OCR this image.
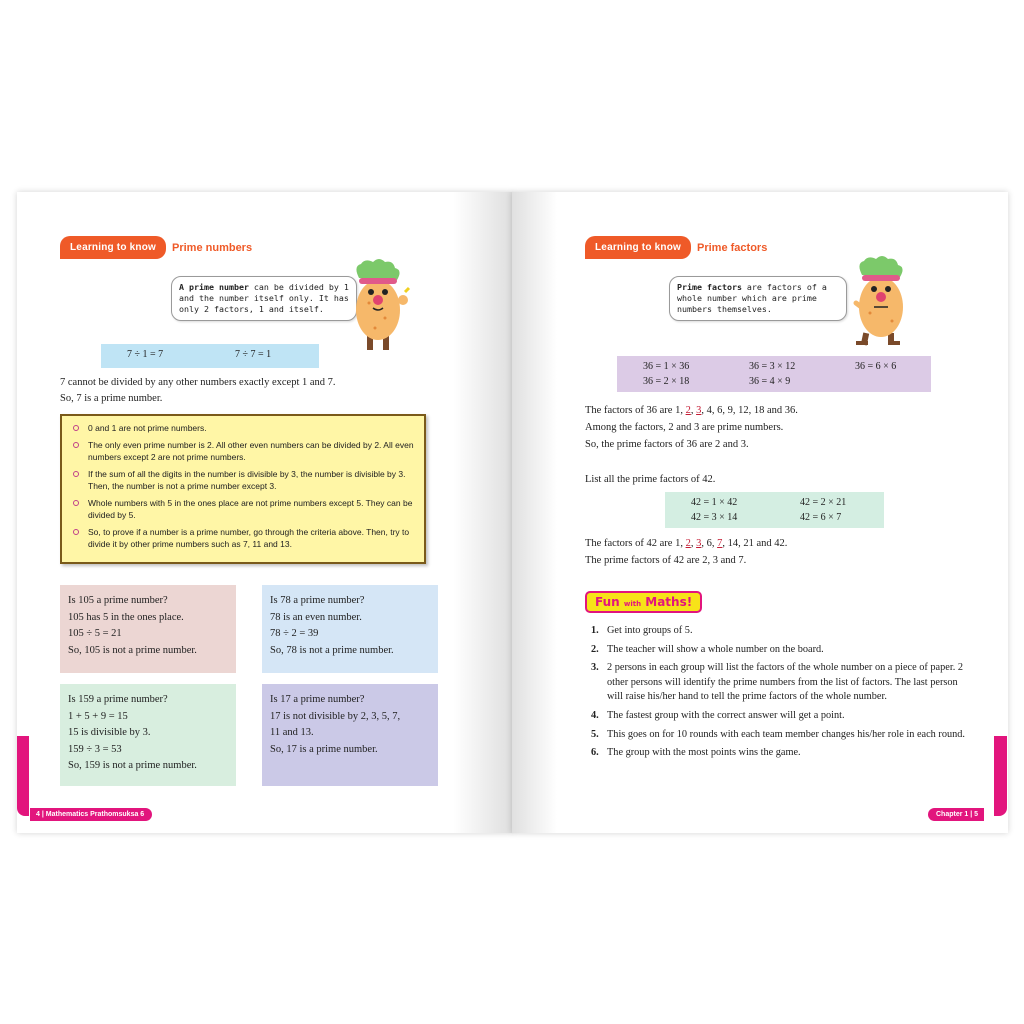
Learning to know	Prime numbers
A prime number can be divided by 1 and the number itself only. It has only 2 factors, 1 and itself.
7 ÷ 1 = 7	7 ÷ 7 = 1
7 cannot be divided by any other numbers exactly except 1 and 7.
So, 7 is a prime number.
0 and 1 are not prime numbers.
The only even prime number is 2. All other even numbers can be divided by 2. All even numbers except 2 are not prime numbers.
If the sum of all the digits in the number is divisible by 3, the number is divisible by 3. Then, the number is not a prime number except 3.
Whole numbers with 5 in the ones place are not prime numbers except 5. They can be divided by 5.
So, to prove if a number is a prime number, go through the criteria above. Then, try to divide it by other prime numbers such as 7, 11 and 13.
Is 105 a prime number?
105 has 5 in the ones place.
105 ÷ 5 = 21
So, 105 is not a prime number.
Is 78 a prime number?
78 is an even number.
78 ÷ 2 = 39
So, 78 is not a prime number.
Is 159 a prime number?
1 + 5 + 9 = 15
15 is divisible by 3.
159 ÷ 3 = 53
So, 159 is not a prime number.
Is 17 a prime number?
17 is not divisible by 2, 3, 5, 7,
11 and 13.
So, 17 is a prime number.
4 | Mathematics Prathomsuksa 6
Learning to know	Prime factors
Prime factors are factors of a whole number which are prime numbers themselves.
36 = 1 × 36	36 = 3 × 12	36 = 6 × 6
36 = 2 × 18	36 = 4 × 9
The factors of 36 are 1, 2, 3, 4, 6, 9, 12, 18 and 36.
Among the factors, 2 and 3 are prime numbers.
So, the prime factors of 36 are 2 and 3.
List all the prime factors of 42.
42 = 1 × 42	42 = 2 × 21
42 = 3 × 14	42 = 6 × 7
The factors of 42 are 1, 2, 3, 6, 7, 14, 21 and 42.
The prime factors of 42 are 2, 3 and 7.
Fun with Maths!
1. Get into groups of 5.
2. The teacher will show a whole number on the board.
3. 2 persons in each group will list the factors of the whole number on a piece of paper. 2 other persons will identify the prime numbers from the list of factors. The last person will raise his/her hand to tell the prime factors of the whole number.
4. The fastest group with the correct answer will get a point.
5. This goes on for 10 rounds with each team member changes his/her role in each round.
6. The group with the most points wins the game.
Chapter 1 | 5
